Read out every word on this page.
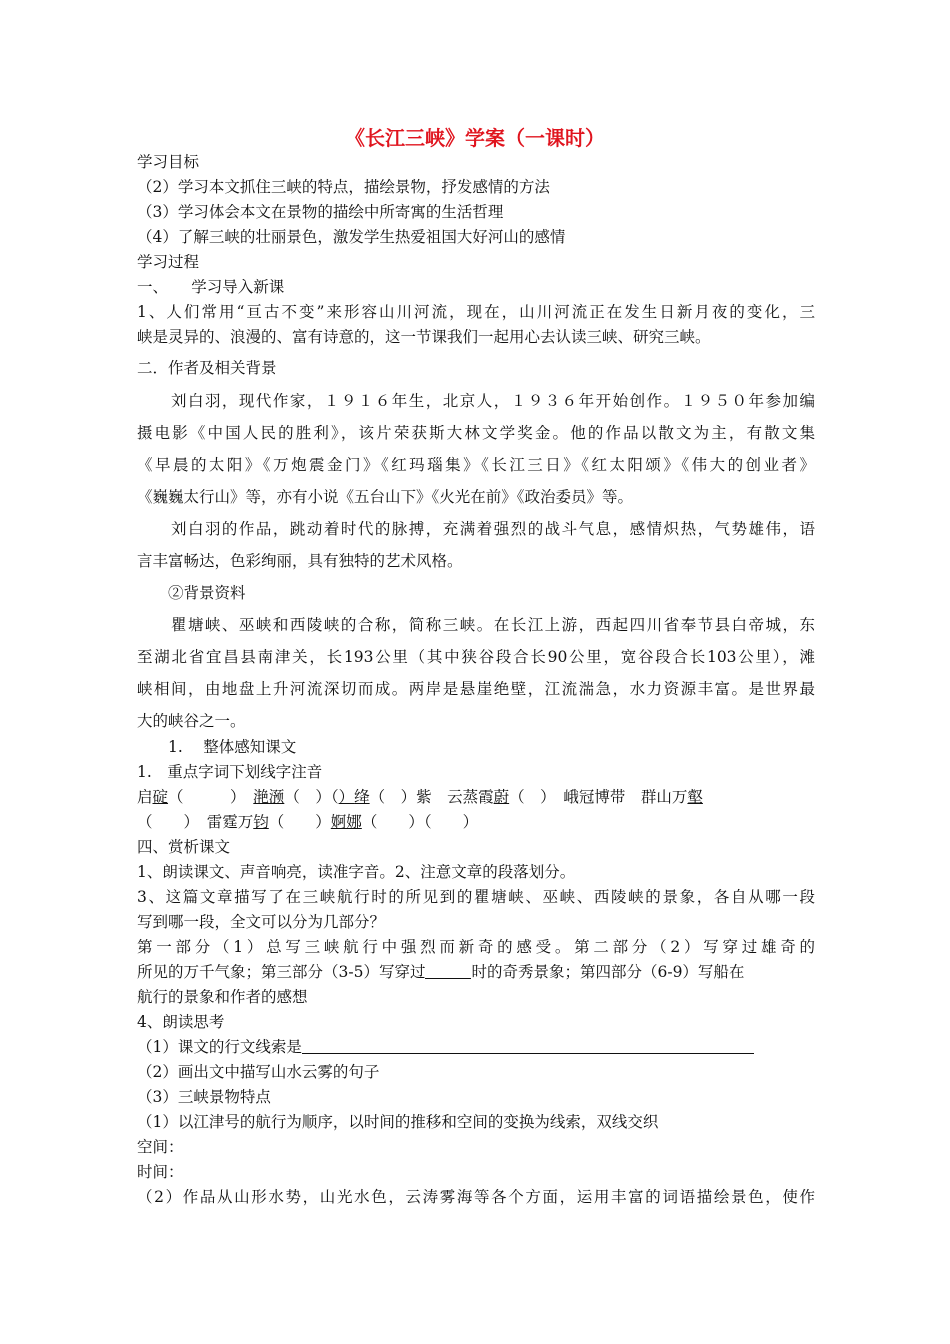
《长江三峡》学案（一课时）
学习目标
（2）学习本文抓住三峡的特点，描绘景物，抒发感情的方法
（3）学习体会本文在景物的描绘中所寄寓的生活哲理
（4）了解三峡的壮丽景色，激发学生热爱祖国大好河山的感情
学习过程
一、　　学习导入新课
1、人们常用“亘古不变”来形容山川河流，现在，山川河流正在发生日新月夜的变化，三
峡是灵异的、浪漫的、富有诗意的，这一节课我们一起用心去认读三峡、研究三峡。
二．作者及相关背景
　　刘白羽，现代作家，１９１６年生，北京人，１９３６年开始创作。１９５０年参加编
摄电影《中国人民的胜利》，该片荣获斯大林文学奖金。他的作品以散文为主，有散文集
《早晨的太阳》《万炮震金门》《红玛瑙集》《长江三日》《红太阳颂》《伟大的创业者》
《巍巍太行山》等，亦有小说《五台山下》《火光在前》《政治委员》等。
　　刘白羽的作品，跳动着时代的脉搏，充满着强烈的战斗气息，感情炽热，气势雄伟，语
言丰富畅达，色彩绚丽，具有独特的艺术风格。
　　②背景资料
　　瞿塘峡、巫峡和西陵峡的合称，简称三峡。在长江上游，西起四川省奉节县白帝城，东
至湖北省宜昌县南津关，长193公里（其中狭谷段合长90公里，宽谷段合长103公里），滩
峡相间，由地盘上升河流深切而成。两岸是悬崖绝壁，江流湍急，水力资源丰富。是世界最
大的峡谷之一。
　　1.　 整体感知课文
1.　重点字词下划线字注音
启碇（　　　）　滟滪（　）（）绛（　）紫　云蒸霞蔚（　）　峨冠博带　群山万壑
（　　）　雷霆万钧（　　）婀娜（　　）（　　）
四、赏析课文
1、朗读课文、声音响亮，读准字音。2、注意文章的段落划分。
3、这篇文章描写了在三峡航行时的所见到的瞿塘峡、巫峡、西陵峡的景象，各自从哪一段
写到哪一段，全文可以分为几部分？
第一部分（1）总写三峡航行中强烈而新奇的感受。第二部分（2）写穿过雄奇的
所见的万千气象；第三部分（3-5）写穿过	时的奇秀景象；第四部分（6-9）写船在
航行的景象和作者的感想
4、朗读思考
（1）课文的行文线索是
（2）画出文中描写山水云雾的句子
（3）三峡景物特点
（1）以江津号的航行为顺序，以时间的推移和空间的变换为线索，双线交织
空间：
时间：
（2）作品从山形水势，山光水色，云涛雾海等各个方面，运用丰富的词语描绘景色，使作
